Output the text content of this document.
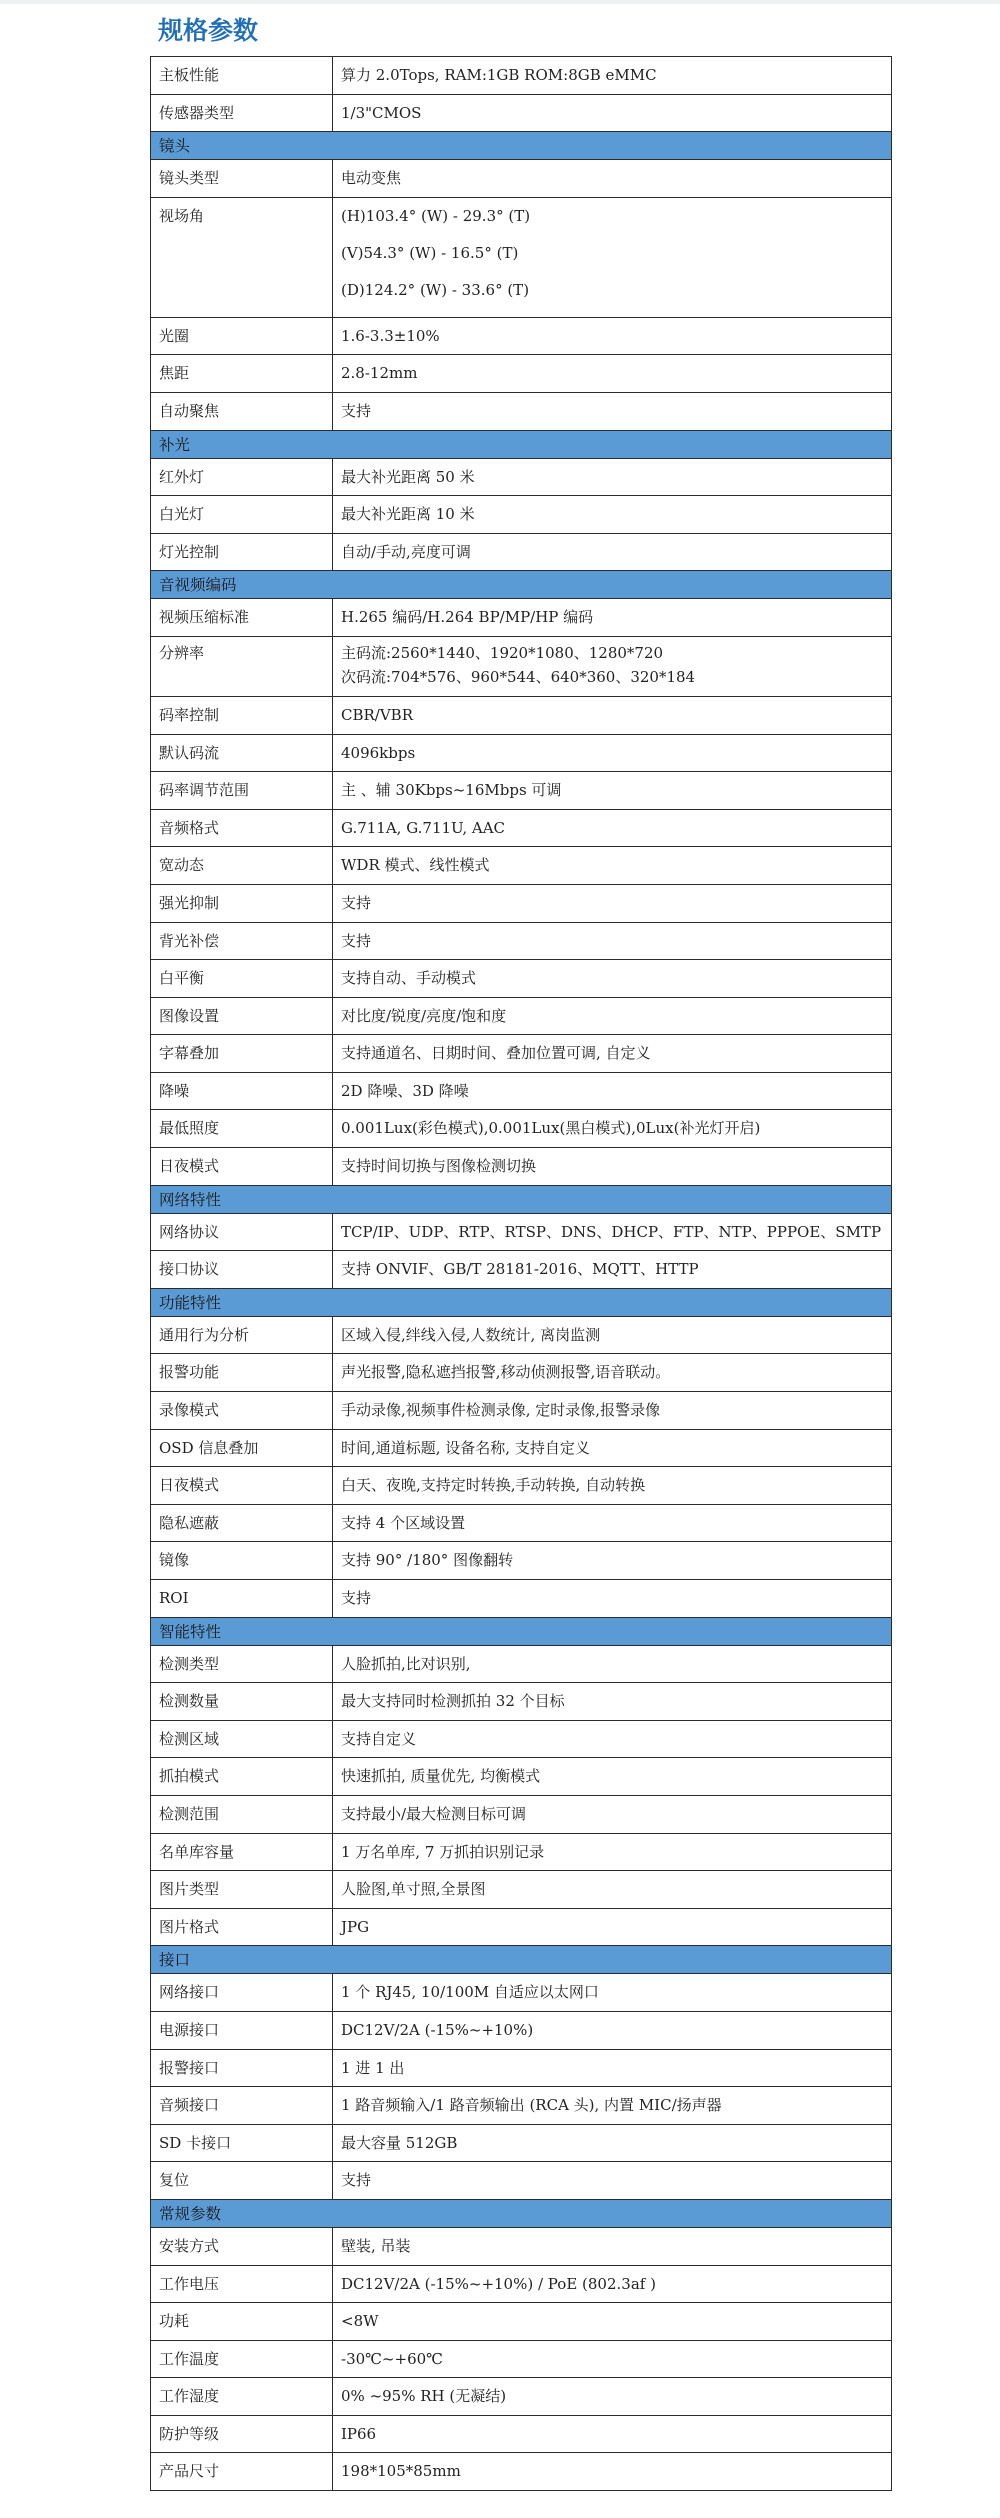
规格参数
主板性能	算力 2.0Tops, RAM:1GB ROM:8GB eMMC
传感器类型	1/3"CMOS
镜头	
镜头类型	电动变焦
视场角	(H)103.4° (W) - 29.3° (T)
(V)54.3° (W) - 16.5° (T)
(D)124.2° (W) - 33.6° (T)

光圈	1.6-3.3±10%
焦距	2.8-12mm
自动聚焦	支持
补光	
红外灯	最大补光距离 50 米
白光灯	最大补光距离 10 米
灯光控制	自动/手动,亮度可调
音视频编码	
视频压缩标准	H.265 编码/H.264 BP/MP/HP 编码
分辨率	主码流:2560*1440、1920*1080、1280*720
次码流:704*576、960*544、640*360、320*184

码率控制	CBR/VBR
默认码流	4096kbps
码率调节范围	主 、辅 30Kbps~16Mbps 可调
音频格式	G.711A, G.711U, AAC
宽动态	WDR 模式、线性模式
强光抑制	支持
背光补偿	支持
白平衡	支持自动、手动模式
图像设置	对比度/锐度/亮度/饱和度
字幕叠加	支持通道名、日期时间、叠加位置可调, 自定义
降噪	2D 降噪、3D 降噪
最低照度	0.001Lux(彩色模式),0.001Lux(黑白模式),0Lux(补光灯开启)
日夜模式	支持时间切换与图像检测切换
网络特性	
网络协议	TCP/IP、UDP、RTP、RTSP、DNS、DHCP、FTP、NTP、PPPOE、SMTP
接口协议	支持 ONVIF、GB/T 28181-2016、MQTT、HTTP
功能特性	
通用行为分析	区域入侵,绊线入侵,人数统计, 离岗监测
报警功能	声光报警,隐私遮挡报警,移动侦测报警,语音联动。
录像模式	手动录像,视频事件检测录像, 定时录像,报警录像
OSD 信息叠加	时间,通道标题, 设备名称, 支持自定义
日夜模式	白天、夜晚,支持定时转换,手动转换, 自动转换
隐私遮蔽	支持 4 个区域设置
镜像	支持 90° /180° 图像翻转
ROI	支持
智能特性	
检测类型	人脸抓拍,比对识别,
检测数量	最大支持同时检测抓拍 32 个目标
检测区域	支持自定义
抓拍模式	快速抓拍, 质量优先, 均衡模式
检测范围	支持最小/最大检测目标可调
名单库容量	1 万名单库, 7 万抓拍识别记录
图片类型	人脸图,单寸照,全景图
图片格式	JPG
接口	
网络接口	1 个 RJ45, 10/100M 自适应以太网口
电源接口	DC12V/2A (-15%~+10%)
报警接口	1 进 1 出
音频接口	1 路音频输入/1 路音频输出 (RCA 头), 内置 MIC/扬声器
SD 卡接口	最大容量 512GB
复位	支持
常规参数	
安装方式	壁装, 吊装
工作电压	DC12V/2A (-15%~+10%) / PoE (802.3af )
功耗	<8W
工作温度	-30℃~+60℃
工作湿度	0% ~95% RH (无凝结)
防护等级	IP66
产品尺寸	198*105*85mm
